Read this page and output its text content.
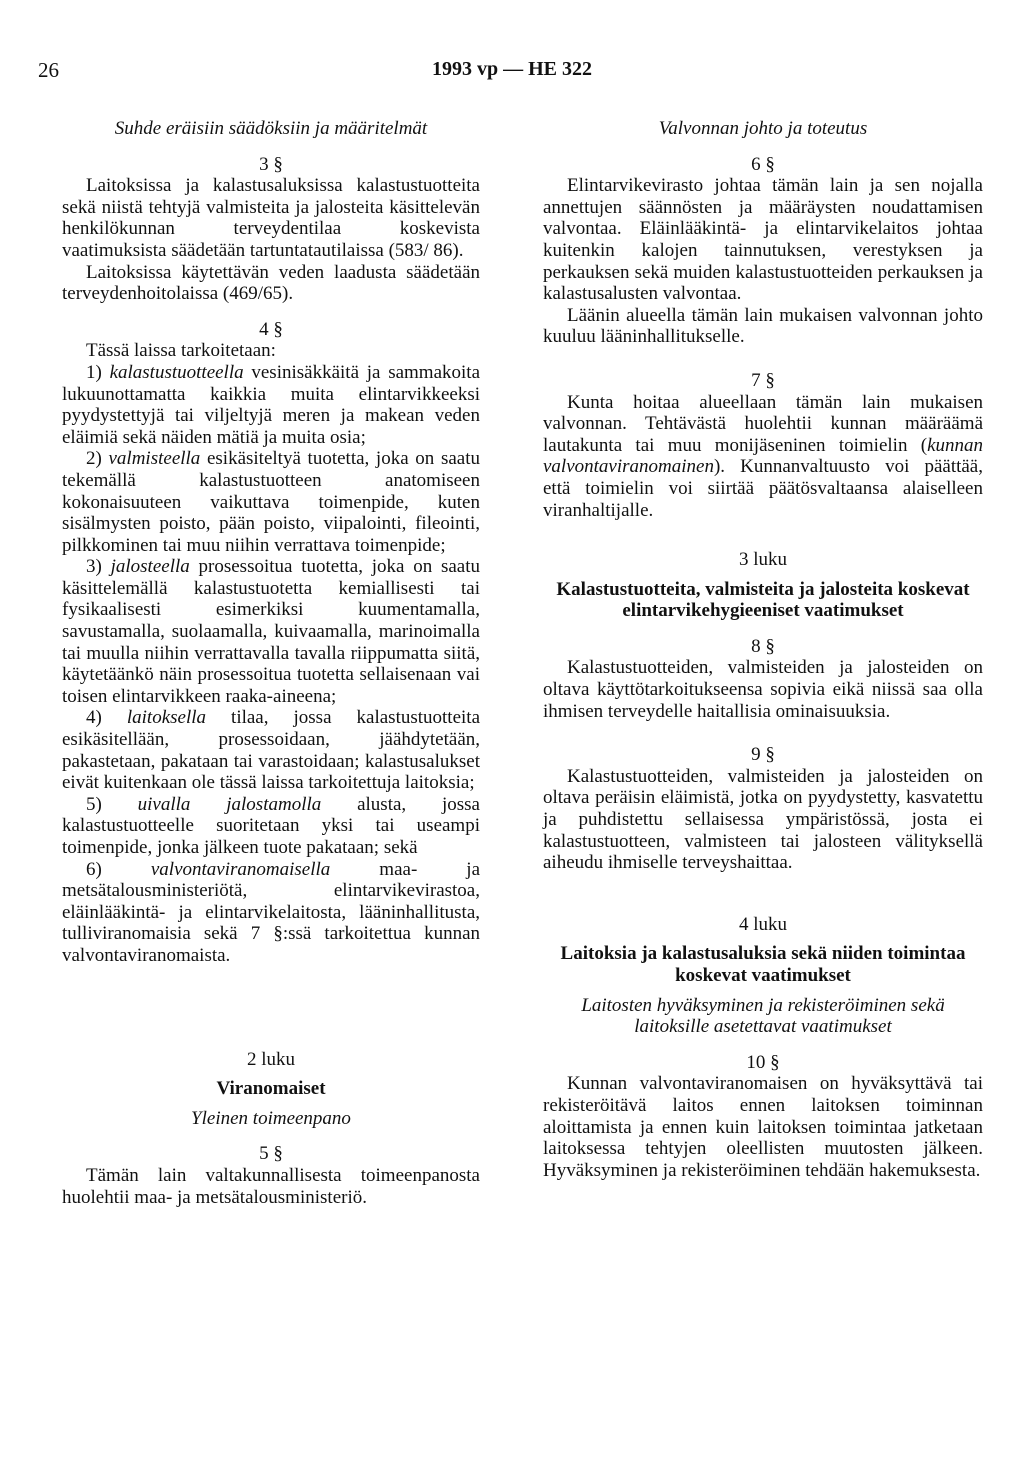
26	1993 vp — HE 322

Suhde eräisiin säädöksiin ja määritelmät

3 §

Laitoksissa ja kalastusaluksissa kalastustuotteita sekä niistä tehtyjä valmisteita ja jalosteita käsittelevän henkilökunnan terveydentilaa koskevista vaatimuksista säädetään tartuntatautilaissa (583/ 86).

Laitoksissa käytettävän veden laadusta säädetään terveydenhoitolaissa (469/65).

4 §

Tässä laissa tarkoitetaan:

1) kalastustuotteella vesinisäkkäitä ja sammakoita lukuunottamatta kaikkia muita elintarvikkeeksi pyydystettyjä tai viljeltyjä meren ja makean veden eläimiä sekä näiden mätiä ja muita osia;

2) valmisteella esikäsiteltyä tuotetta, joka on saatu tekemällä kalastustuotteen anatomiseen kokonaisuuteen vaikuttava toimenpide, kuten sisälmysten poisto, pään poisto, viipalointi, fileointi, pilkkominen tai muu niihin verrattava toimenpide;

3) jalosteella prosessoitua tuotetta, joka on saatu käsittelemällä kalastustuotetta kemiallisesti tai fysikaalisesti esimerkiksi kuumentamalla, savustamalla, suolaamalla, kuivaamalla, marinoimalla tai muulla niihin verrattavalla tavalla riippumatta siitä, käytetäänkö näin prosessoitua tuotetta sellaisenaan vai toisen elintarvikkeen raaka-aineena;

4) laitoksella tilaa, jossa kalastustuotteita esikäsitellään, prosessoidaan, jäähdytetään, pakastetaan, pakataan tai varastoidaan; kalastusalukset eivät kuitenkaan ole tässä laissa tarkoitettuja laitoksia;

5) uivalla jalostamolla alusta, jossa kalastustuotteelle suoritetaan yksi tai useampi toimenpide, jonka jälkeen tuote pakataan; sekä

6) valvontaviranomaisella maa- ja metsätalousministeriötä, elintarvikevirastoa, eläinlääkintä- ja elintarvikelaitosta, lääninhallitusta, tulliviranomaisia sekä 7 §:ssä tarkoitettua kunnan valvontaviranomaista.

2 luku

Viranomaiset

Yleinen toimeenpano

5 §

Tämän lain valtakunnallisesta toimeenpanosta huolehtii maa- ja metsätalousministeriö.

Valvonnan johto ja toteutus

6 §

Elintarvikevirasto johtaa tämän lain ja sen nojalla annettujen säännösten ja määräysten noudattamisen valvontaa. Eläinlääkintä- ja elintarvikelaitos johtaa kuitenkin kalojen tainnutuksen, verestyksen ja perkauksen sekä muiden kalastustuotteiden perkauksen ja kalastusalusten valvontaa.

Läänin alueella tämän lain mukaisen valvonnan johto kuuluu lääninhallitukselle.

7 §

Kunta hoitaa alueellaan tämän lain mukaisen valvonnan. Tehtävästä huolehtii kunnan määräämä lautakunta tai muu monijäseninen toimielin (kunnan valvontaviranomainen). Kunnanvaltuusto voi päättää, että toimielin voi siirtää päätösvaltaansa alaiselleen viranhaltijalle.

3 luku

Kalastustuotteita, valmisteita ja jalosteita koskevat elintarvikehygieeniset vaatimukset

8 §

Kalastustuotteiden, valmisteiden ja jalosteiden on oltava käyttötarkoitukseensa sopivia eikä niissä saa olla ihmisen terveydelle haitallisia ominaisuuksia.

9 §

Kalastustuotteiden, valmisteiden ja jalosteiden on oltava peräisin eläimistä, jotka on pyydystetty, kasvatettu ja puhdistettu sellaisessa ympäristössä, josta ei kalastustuotteen, valmisteen tai jalosteen välityksellä aiheudu ihmiselle terveyshaittaa.

4 luku

Laitoksia ja kalastusaluksia sekä niiden toimintaa koskevat vaatimukset

Laitosten hyväksyminen ja rekisteröiminen sekä laitoksille asetettavat vaatimukset

10 §

Kunnan valvontaviranomaisen on hyväksyttävä tai rekisteröitävä laitos ennen laitoksen toiminnan aloittamista ja ennen kuin laitoksen toimintaa jatketaan laitoksessa tehtyjen oleellisten muutosten jälkeen. Hyväksyminen ja rekisteröiminen tehdään hakemuksesta.
